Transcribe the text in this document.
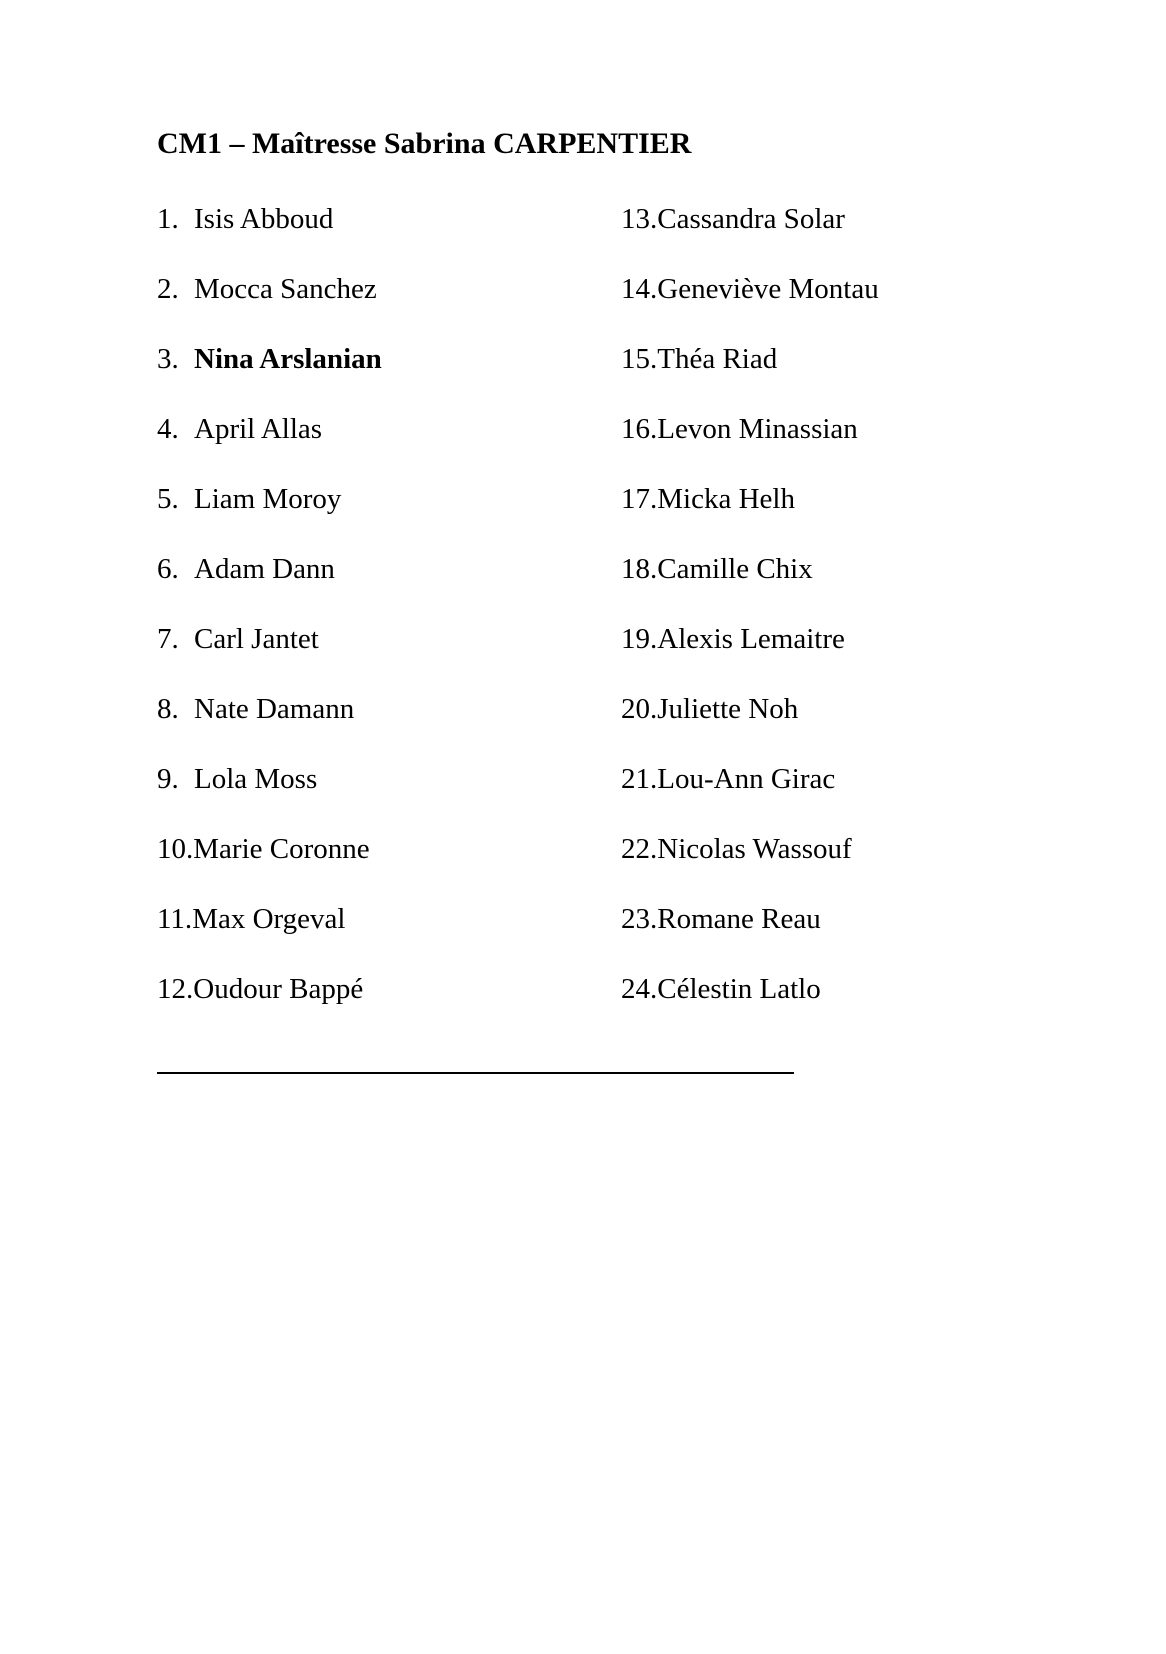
CM1 – Maîtresse Sabrina CARPENTIER
1. Isis Abboud
2. Mocca Sanchez
3. Nina Arslanian
4. April Allas
5. Liam Moroy
6. Adam Dann
7. Carl Jantet
8. Nate Damann
9. Lola Moss
10. Marie Coronne
11. Max Orgeval
12. Oudour Bappé
13. Cassandra Solar
14. Geneviève Montau
15. Théa Riad
16. Levon Minassian
17. Micka Helh
18. Camille Chix
19. Alexis Lemaitre
20. Juliette Noh
21. Lou-Ann Girac
22. Nicolas Wassouf
23. Romane Reau
24. Célestin Latlo
